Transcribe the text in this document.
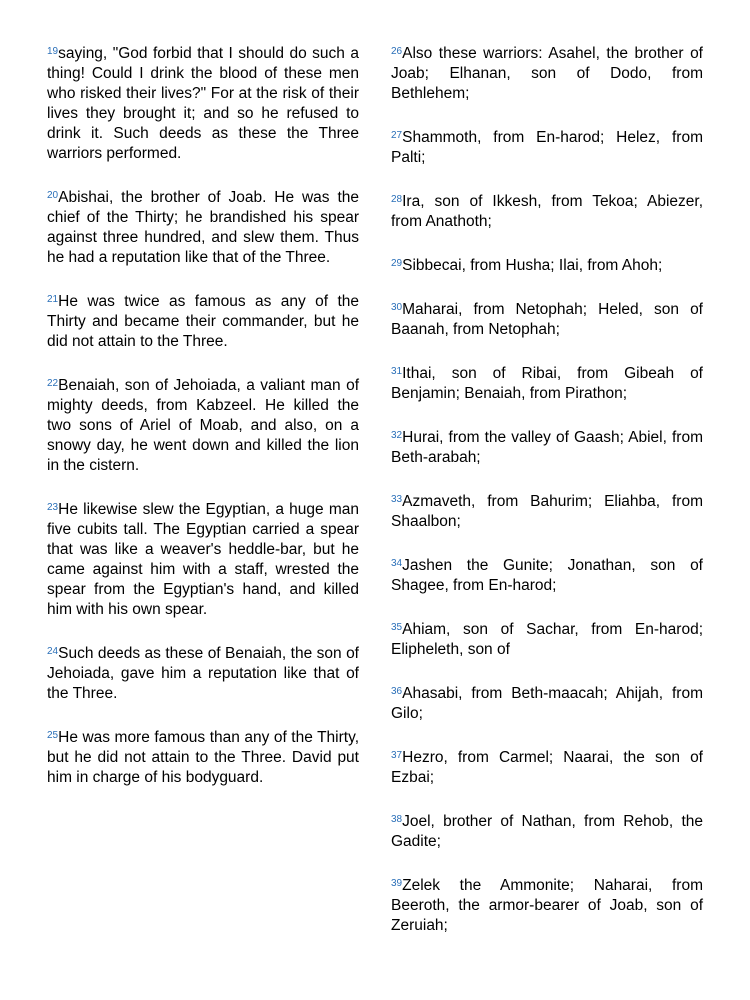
$^{19}$saying, "God forbid that I should do such a thing! Could I drink the blood of these men who risked their lives?" For at the risk of their lives they brought it; and so he refused to drink it. Such deeds as these the Three warriors performed.

$^{20}$Abishai, the brother of Joab. He was the chief of the Thirty; he brandished his spear against three hundred, and slew them. Thus he had a reputation like that of the Three.

$^{21}$He was twice as famous as any of the Thirty and became their commander, but he did not attain to the Three.

$^{22}$Benaiah, son of Jehoiada, a valiant man of mighty deeds, from Kabzeel. He killed the two sons of Ariel of Moab, and also, on a snowy day, he went down and killed the lion in the cistern.

$^{23}$He likewise slew the Egyptian, a huge man five cubits tall. The Egyptian carried a spear that was like a weaver's heddle-bar, but he came against him with a staff, wrested the spear from the Egyptian's hand, and killed him with his own spear.

$^{24}$Such deeds as these of Benaiah, the son of Jehoiada, gave him a reputation like that of the Three.

$^{25}$He was more famous than any of the Thirty, but he did not attain to the Three. David put him in charge of his bodyguard.

$^{26}$Also these warriors: Asahel, the brother of Joab; Elhanan, son of Dodo, from Bethlehem;

$^{27}$Shammoth, from En-harod; Helez, from Palti;

$^{28}$Ira, son of Ikkesh, from Tekoa; Abiezer, from Anathoth;

$^{29}$Sibbecai, from Husha; Ilai, from Ahoh;

$^{30}$Maharai, from Netophah; Heled, son of Baanah, from Netophah;

$^{31}$Ithai, son of Ribai, from Gibeah of Benjamin; Benaiah, from Pirathon;

$^{32}$Hurai, from the valley of Gaash; Abiel, from Beth-arabah;

$^{33}$Azmaveth, from Bahurim; Eliahba, from Shaalbon;

$^{34}$Jashen the Gunite; Jonathan, son of Shagee, from En-harod;

$^{35}$Ahiam, son of Sachar, from En-harod; Elipheleth, son of

$^{36}$Ahasabi, from Beth-maacah; Ahijah, from Gilo;

$^{37}$Hezro, from Carmel; Naarai, the son of Ezbai;

$^{38}$Joel, brother of Nathan, from Rehob, the Gadite;

$^{39}$Zelek the Ammonite; Naharai, from Beeroth, the armor-bearer of Joab, son of Zeruiah;
